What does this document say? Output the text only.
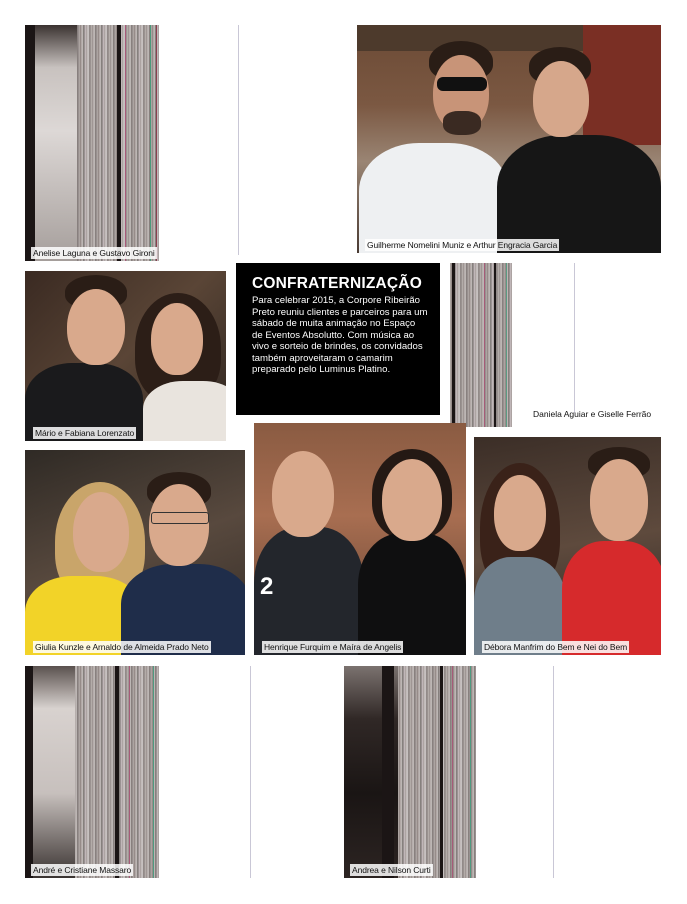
Anelise Laguna e Gustavo Gironi
Guilherme Nomelini Muniz e Arthur Engracia Garcia
Mário e Fabiana Lorenzato
CONFRATERNIZAÇÃO
Para celebrar 2015, a Corpore Ribeirão Preto reuniu clientes e parceiros para um sábado de muita animação no Espaço de Eventos Absolutto. Com música ao vivo e sorteio de brindes, os convidados também aproveitaram o camarim preparado pelo Luminus Platino.
Daniela Aguiar e Giselle Ferrão
Giulia Kunzle e Arnaldo de Almeida Prado Neto
2
Henrique Furquim e Maíra de Angelis	Débora Manfrim do Bem e Nei do Bem
André e Cristiane Massaro	Andrea e Nilson Curti
